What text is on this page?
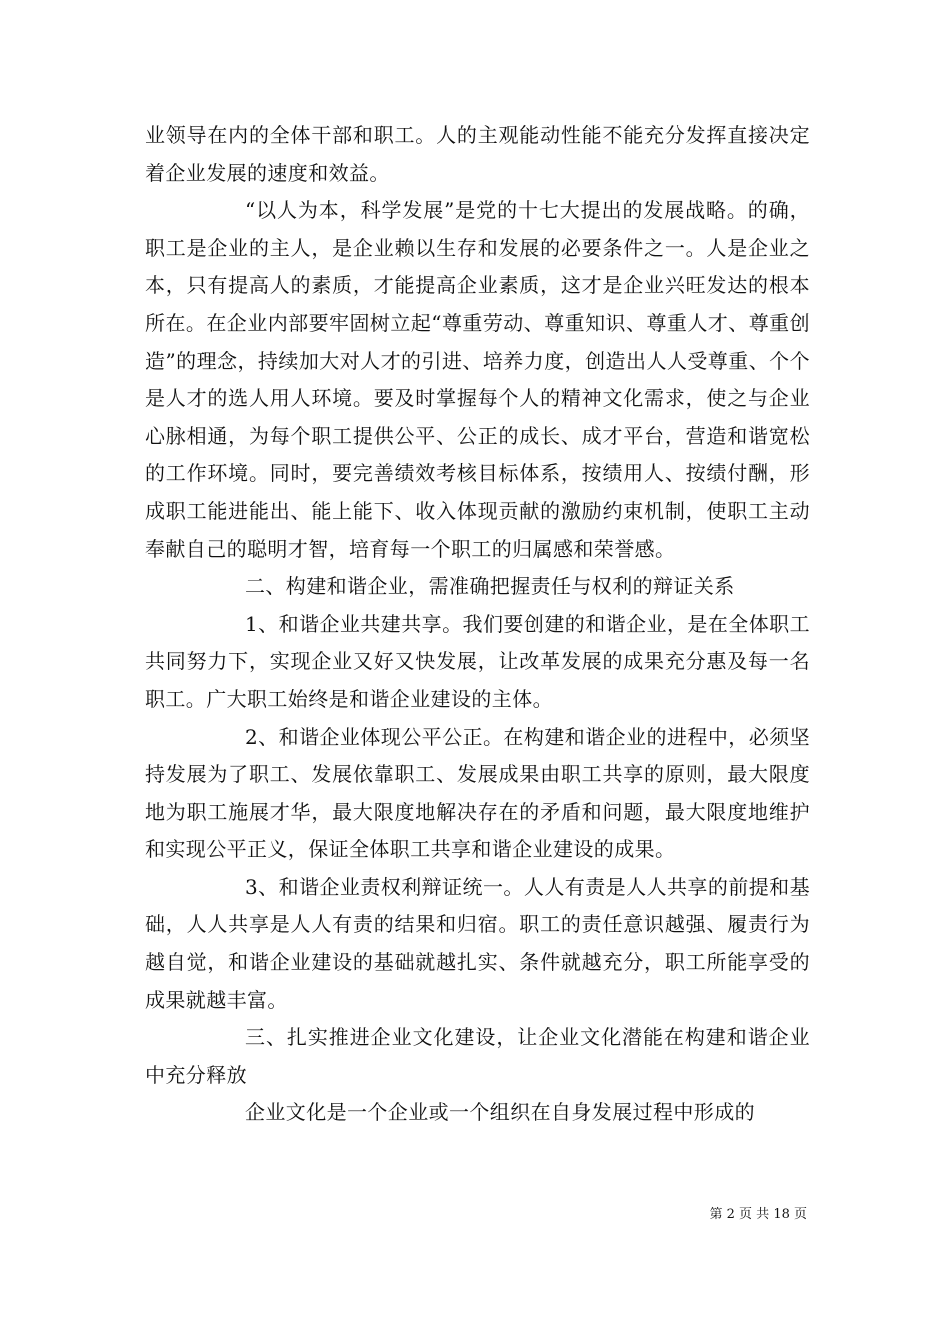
业领导在内的全体干部和职工。人的主观能动性能不能充分发挥直接决定着企业发展的速度和效益。

“以人为本，科学发展”是党的十七大提出的发展战略。的确，职工是企业的主人，是企业赖以生存和发展的必要条件之一。人是企业之本，只有提高人的素质，才能提高企业素质，这才是企业兴旺发达的根本所在。在企业内部要牢固树立起“尊重劳动、尊重知识、尊重人才、尊重创造”的理念，持续加大对人才的引进、培养力度，创造出人人受尊重、个个是人才的选人用人环境。要及时掌握每个人的精神文化需求，使之与企业心脉相通，为每个职工提供公平、公正的成长、成才平台，营造和谐宽松的工作环境。同时，要完善绩效考核目标体系，按绩用人、按绩付酬，形成职工能进能出、能上能下、收入体现贡献的激励约束机制，使职工主动奉献自己的聪明才智，培育每一个职工的归属感和荣誉感。

二、构建和谐企业，需准确把握责任与权利的辩证关系

1、和谐企业共建共享。我们要创建的和谐企业，是在全体职工共同努力下，实现企业又好又快发展，让改革发展的成果充分惠及每一名职工。广大职工始终是和谐企业建设的主体。

2、和谐企业体现公平公正。在构建和谐企业的进程中，必须坚持发展为了职工、发展依靠职工、发展成果由职工共享的原则，最大限度地为职工施展才华，最大限度地解决存在的矛盾和问题，最大限度地维护和实现公平正义，保证全体职工共享和谐企业建设的成果。

3、和谐企业责权利辩证统一。人人有责是人人共享的前提和基础，人人共享是人人有责的结果和归宿。职工的责任意识越强、履责行为越自觉，和谐企业建设的基础就越扎实、条件就越充分，职工所能享受的成果就越丰富。

三、扎实推进企业文化建设，让企业文化潜能在构建和谐企业中充分释放

企业文化是一个企业或一个组织在自身发展过程中形成的

第 2 页 共 18 页
